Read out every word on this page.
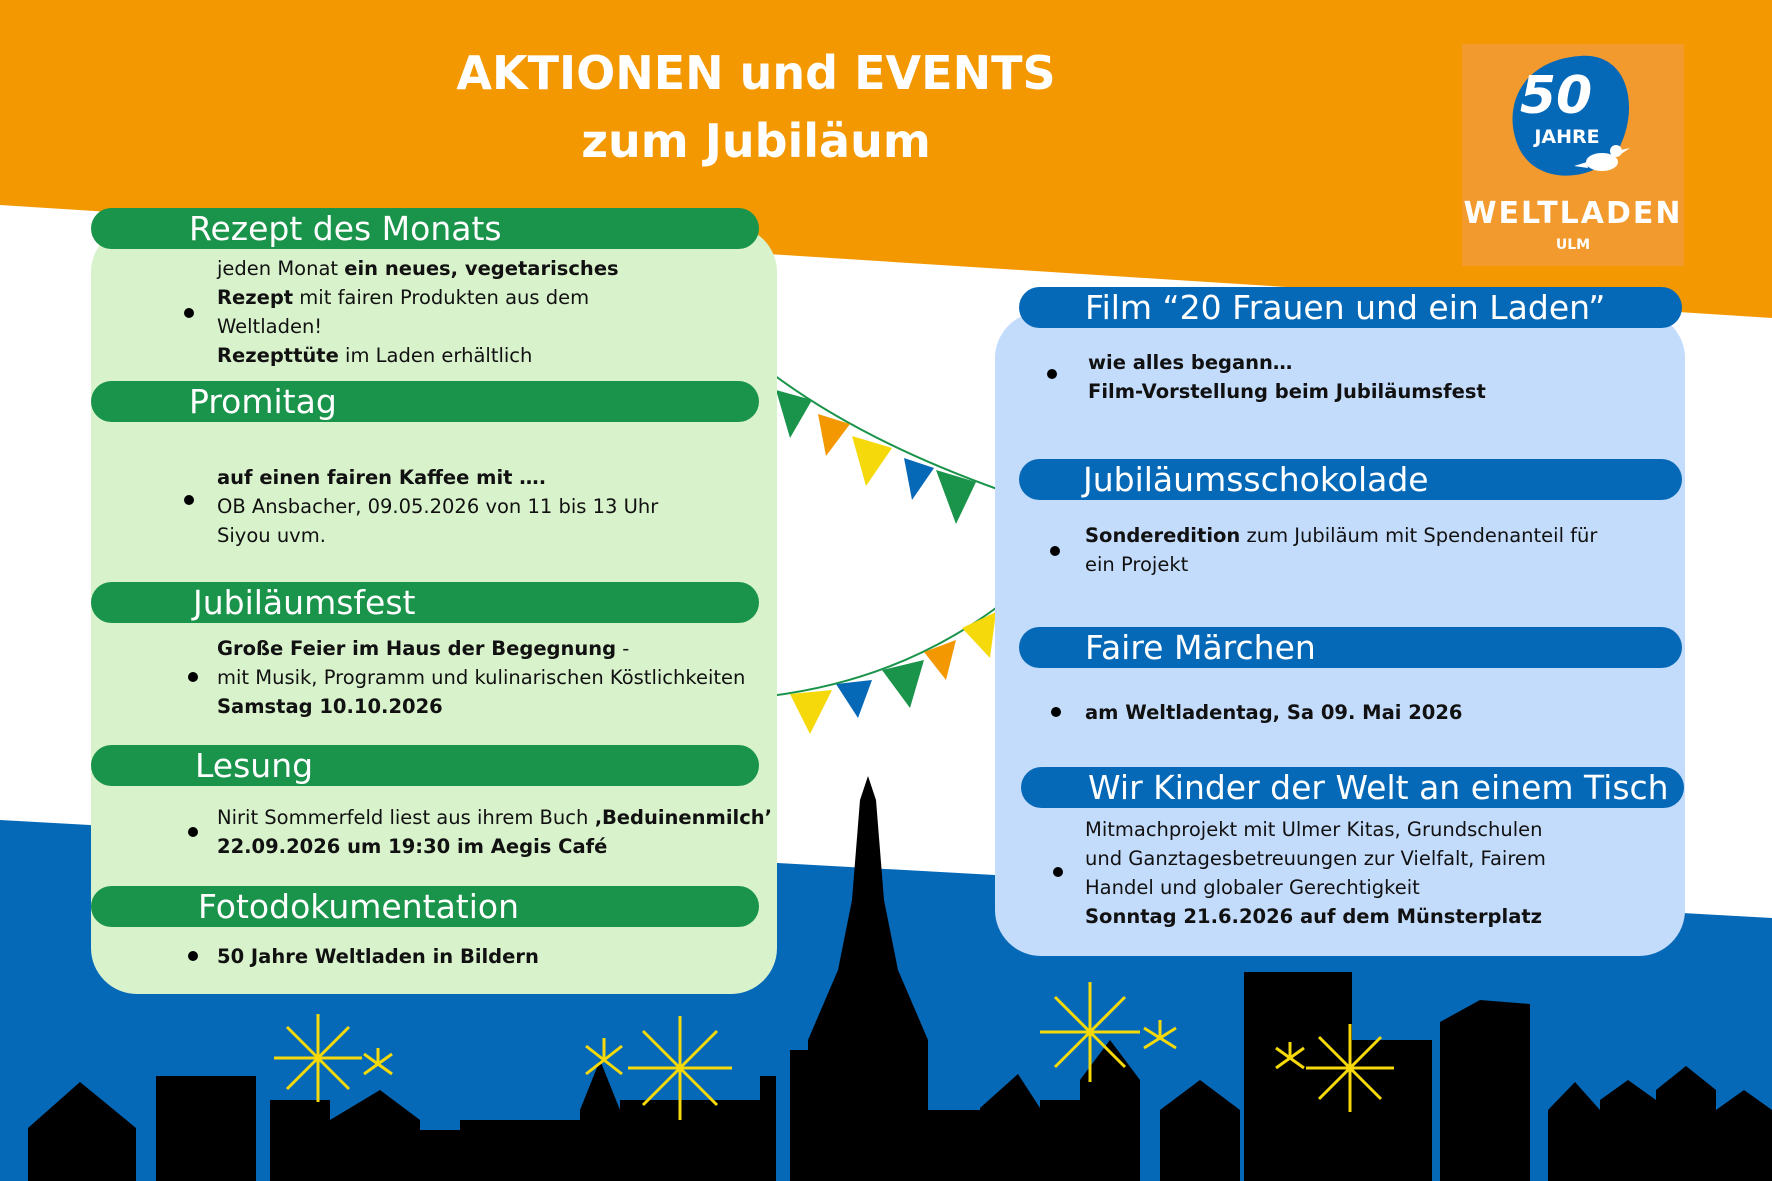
AKTIONEN und EVENTS
zum Jubiläum
50
JAHRE
WELTLADEN
ULM
Rezept des Monats
jeden Monat ein neues, vegetarisches
Rezept mit fairen Produkten aus dem
Weltladen!
Rezepttüte im Laden erhältlich
Promitag
auf einen fairen Kaffee mit ….
OB Ansbacher, 09.05.2026 von 11 bis 13 Uhr
Siyou uvm.
Jubiläumsfest
Große Feier im Haus der Begegnung -
mit Musik, Programm und kulinarischen Köstlichkeiten
Samstag 10.10.2026
Lesung
Nirit Sommerfeld liest aus ihrem Buch ‚Beduinenmilch’
22.09.2026 um 19:30 im Aegis Café
Fotodokumentation
50 Jahre Weltladen in Bildern
Film “20 Frauen und ein Laden”
wie alles begann…
Film-Vorstellung beim Jubiläumsfest
Jubiläumsschokolade
Sonderedition zum Jubiläum mit Spendenanteil für
ein Projekt
Faire Märchen
am Weltladentag, Sa 09. Mai 2026
Wir Kinder der Welt an einem Tisch
Mitmachprojekt mit Ulmer Kitas, Grundschulen
und Ganztagesbetreuungen zur Vielfalt, Fairem
Handel und globaler Gerechtigkeit
Sonntag 21.6.2026 auf dem Münsterplatz
